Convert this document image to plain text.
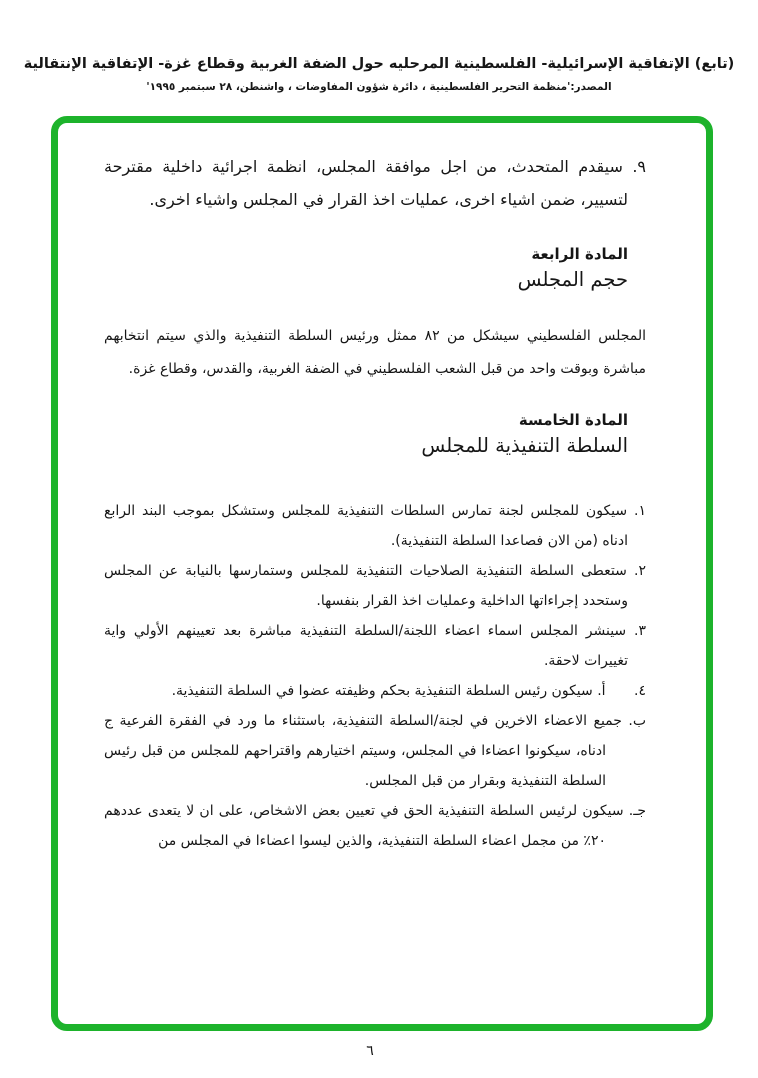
(تابع) الإتفاقية الإسرائيلية- الفلسطينية المرحليه حول الضفة الغربية وقطاع غزة- الإتفاقية الإنتقالية
المصدر:'منظمة التحرير الفلسطينية ، دائرة شؤون المفاوضات ، واشنطن، ٢٨ سبتمبر ١٩٩٥'
٩. سيقدم المتحدث، من اجل موافقة المجلس، انظمة اجرائية داخلية مقترحة لتسيير، ضمن اشياء اخرى، عمليات اخذ القرار في المجلس واشياء اخرى.
المادة الرابعة
حجم المجلس
المجلس الفلسطيني سيشكل من ٨٢ ممثل ورئيس السلطة التنفيذية والذي سيتم انتخابهم مباشرة وبوقت واحد من قبل الشعب الفلسطيني في الضفة الغربية، والقدس، وقطاع غزة.
المادة الخامسة
السلطة التنفيذية للمجلس
١. سيكون للمجلس لجنة تمارس السلطات التنفيذية للمجلس وستشكل بموجب البند الرابع ادناه (من الان فصاعدا السلطة التنفيذية).
٢. ستعطى السلطة التنفيذية الصلاحيات التنفيذية للمجلس وستمارسها بالنيابة عن المجلس وستحدد إجراءاتها الداخلية وعمليات اخذ القرار بنفسها.
٣. سينشر المجلس اسماء اعضاء اللجنة/السلطة التنفيذية مباشرة بعد تعيينهم الأولي واية تغييرات لاحقة.
٤. أ. سيكون رئيس السلطة التنفيذية بحكم وظيفته عضوا في السلطة التنفيذية.
ب. جميع الاعضاء الاخرين في لجنة/السلطة التنفيذية، باستثناء ما ورد في الفقرة الفرعية ج ادناه، سيكونوا اعضاءا في المجلس، وسيتم اختيارهم واقتراحهم للمجلس من قبل رئيس السلطة التنفيذية وبقرار من قبل المجلس.
جـ. سيكون لرئيس السلطة التنفيذية الحق في تعيين بعض الاشخاص، على ان لا يتعدى عددهم ٢٠٪ من مجمل اعضاء السلطة التنفيذية، والذين ليسوا اعضاءا في المجلس من
٦
